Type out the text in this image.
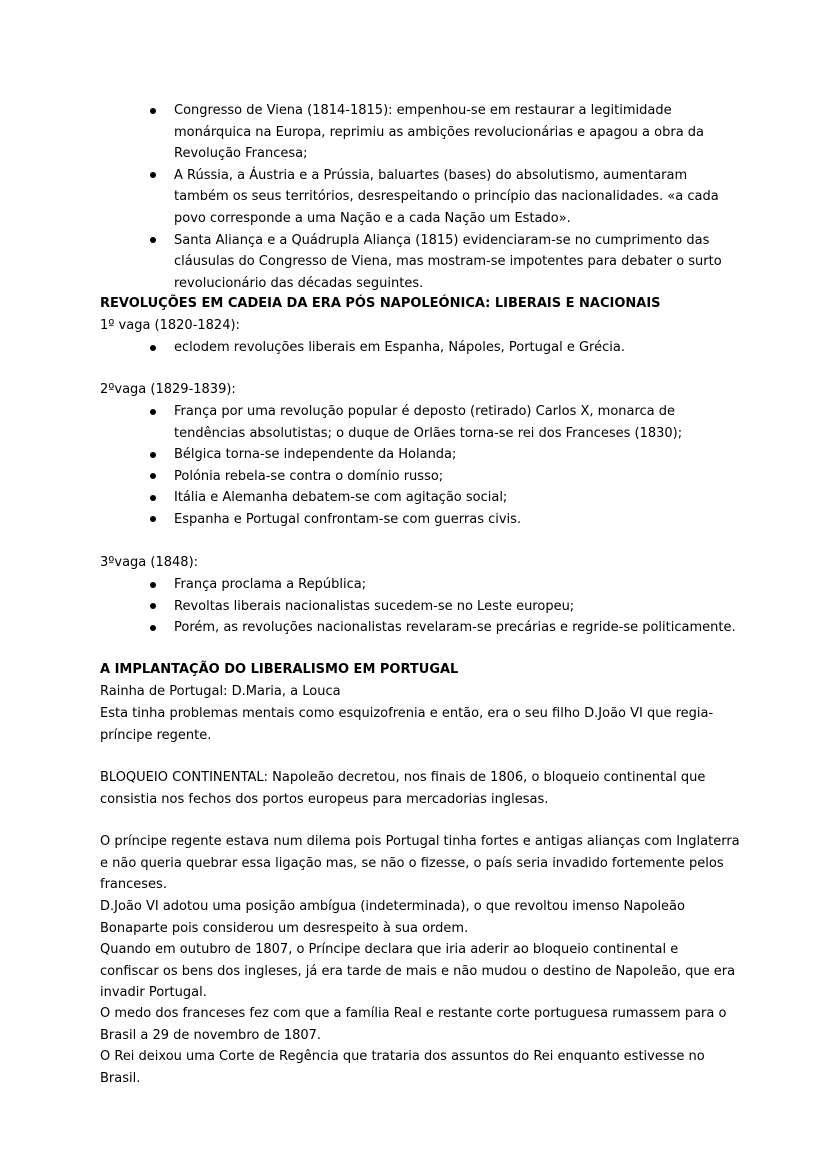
Congresso de Viena (1814-1815): empenhou-se em restaurar a legitimidade monárquica na Europa, reprimiu as ambições revolucionárias e apagou a obra da Revolução Francesa;
A Rússia, a Áustria e a Prússia, baluartes (bases) do absolutismo, aumentaram também os seus territórios, desrespeitando o princípio das nacionalidades. «a cada povo corresponde a uma Nação e a cada Nação um Estado».
Santa Aliança e a Quádrupla Aliança (1815) evidenciaram-se no cumprimento das cláusulas do Congresso de Viena, mas mostram-se impotentes para debater o surto revolucionário das décadas seguintes.

REVOLUÇÕES EM CADEIA DA ERA PÓS NAPOLEÓNICA: LIBERAIS E NACIONAIS

1º vaga (1820-1824):

eclodem revoluções liberais em Espanha, Nápoles, Portugal e Grécia.

2ºvaga (1829-1839):

França por uma revolução popular é deposto (retirado) Carlos X, monarca de tendências absolutistas; o duque de Orlães torna-se rei dos Franceses (1830);
Bélgica torna-se independente da Holanda;
Polónia rebela-se contra o domínio russo;
Itália e Alemanha debatem-se com agitação social;
Espanha e Portugal confrontam-se com guerras civis.

3ºvaga (1848):

França proclama a República;
Revoltas liberais nacionalistas sucedem-se no Leste europeu;
Porém, as revoluções nacionalistas revelaram-se precárias e regride-se politicamente.

A IMPLANTAÇÃO DO LIBERALISMO EM PORTUGAL

Rainha de Portugal: D.Maria, a Louca

Esta tinha problemas mentais como esquizofrenia e então, era o seu filho D.João VI que regia- príncipe regente.

BLOQUEIO CONTINENTAL: Napoleão decretou, nos finais de 1806, o bloqueio continental que consistia nos fechos dos portos europeus para mercadorias inglesas.

O príncipe regente estava num dilema pois Portugal tinha fortes e antigas alianças com Inglaterra e não queria quebrar essa ligação mas, se não o fizesse, o país seria invadido fortemente pelos franceses.

D.João VI adotou uma posição ambígua (indeterminada), o que revoltou imenso Napoleão Bonaparte pois considerou um desrespeito à sua ordem.

Quando em outubro de 1807, o Príncipe declara que iria aderir ao bloqueio continental e confiscar os bens dos ingleses, já era tarde de mais e não mudou o destino de Napoleão, que era invadir Portugal.

O medo dos franceses fez com que a família Real e restante corte portuguesa rumassem para o Brasil a 29 de novembro de 1807.

O Rei deixou uma Corte de Regência que trataria dos assuntos do Rei enquanto estivesse no Brasil.
